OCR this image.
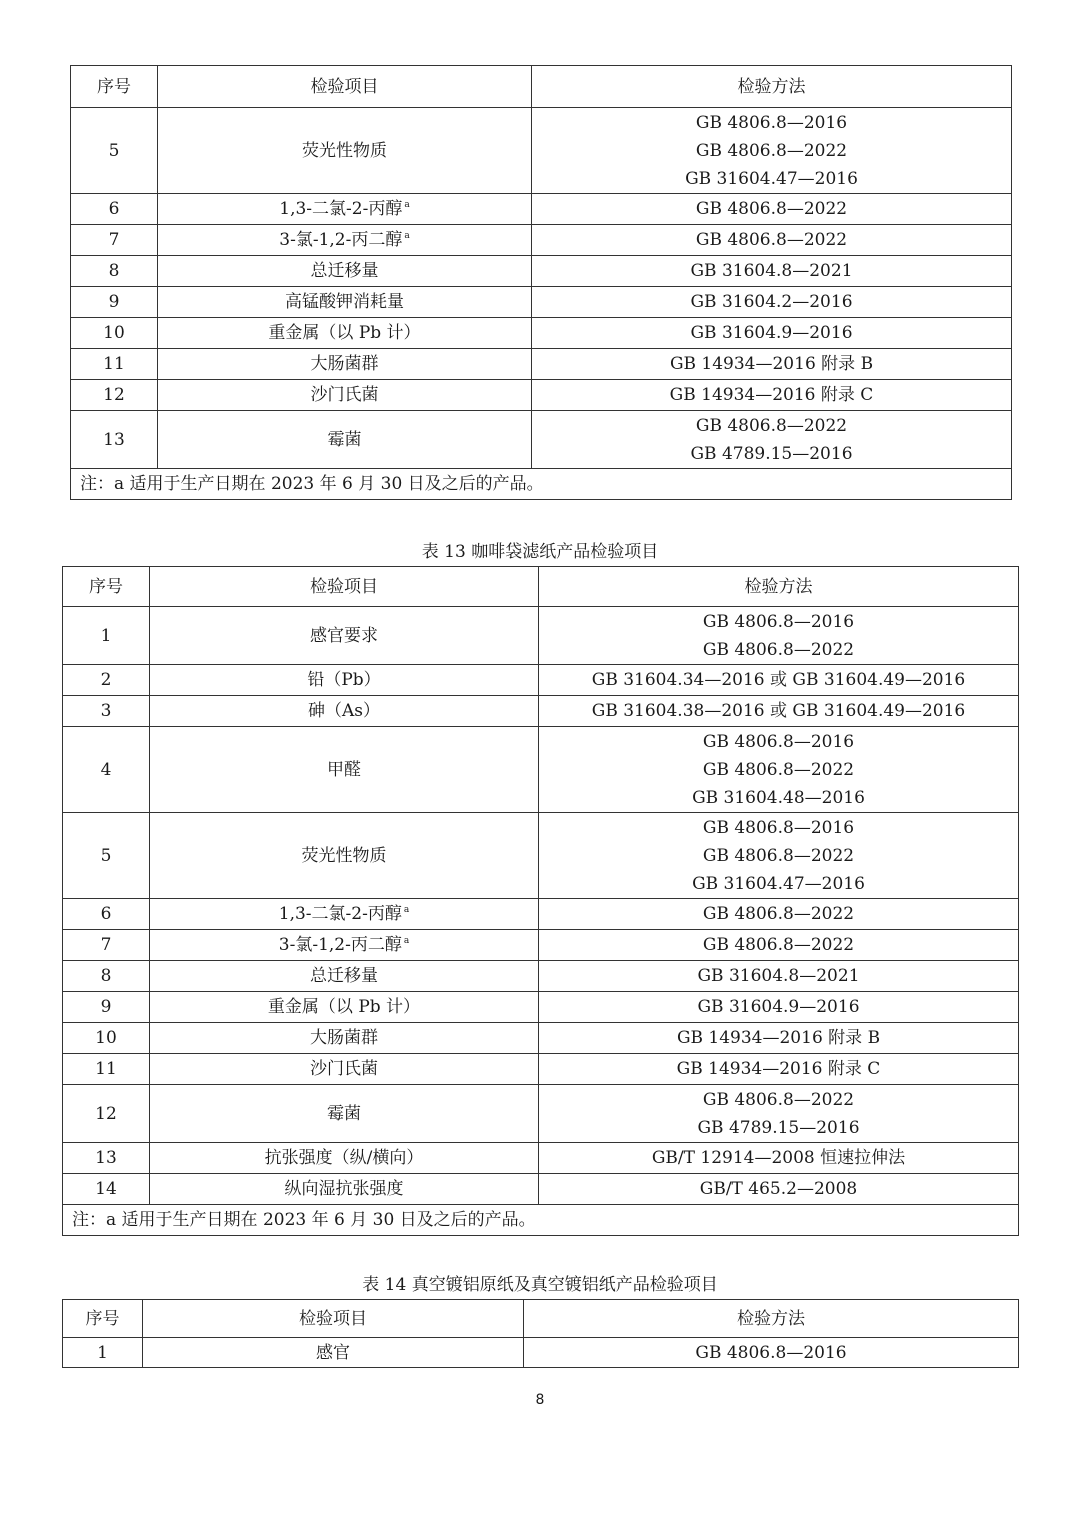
序号	检验项目	检验方法
5	荧光性物质	GB 4806.8—2016
GB 4806.8—2022
GB 31604.47—2016

6	1,3-二氯-2-丙醇 $^a$	GB 4806.8—2022

7	3-氯-1,2-丙二醇 $^a$	GB 4806.8—2022

8	总迁移量	GB 31604.8—2021

9	高锰酸钾消耗量	GB 31604.2—2016

10	重金属（以 Pb 计）	GB 31604.9—2016

11	大肠菌群	GB 14934—2016 附录 B

12	沙门氏菌	GB 14934—2016 附录 C

13	霉菌	GB 4806.8—2022
GB 4789.15—2016

注：a 适用于生产日期在 2023 年 6 月 30 日及之后的产品。		
表 13 咖啡袋滤纸产品检验项目
序号	检验项目	检验方法
1	感官要求	GB 4806.8—2016
GB 4806.8—2022

2	铅（Pb）	GB 31604.34—2016 或 GB 31604.49—2016

3	砷（As）	GB 31604.38—2016 或 GB 31604.49—2016

4	甲醛	GB 4806.8—2016
GB 4806.8—2022
GB 31604.48—2016

5	荧光性物质	GB 4806.8—2016
GB 4806.8—2022
GB 31604.47—2016

6	1,3-二氯-2-丙醇 $^a$	GB 4806.8—2022

7	3-氯-1,2-丙二醇 $^a$	GB 4806.8—2022

8	总迁移量	GB 31604.8—2021

9	重金属（以 Pb 计）	GB 31604.9—2016

10	大肠菌群	GB 14934—2016 附录 B

11	沙门氏菌	GB 14934—2016 附录 C

12	霉菌	GB 4806.8—2022
GB 4789.15—2016

13	抗张强度（纵/横向）	GB/T 12914—2008 恒速拉伸法

14	纵向湿抗张强度	GB/T 465.2—2008

注：a 适用于生产日期在 2023 年 6 月 30 日及之后的产品。		
表 14 真空镀铝原纸及真空镀铝纸产品检验项目
序号	检验项目	检验方法
1	感官	GB 4806.8—2016
8
